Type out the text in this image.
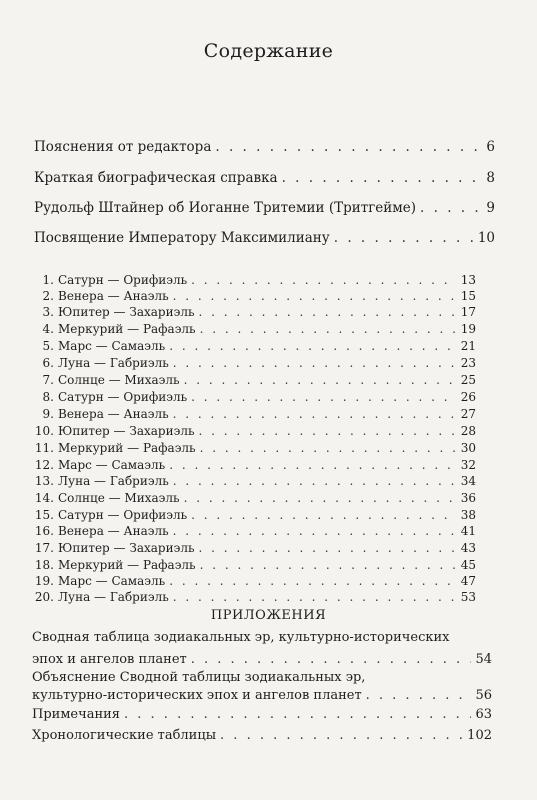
Содержание
Пояснения от редактора . . .	6
Краткая биографическая справка . . .	8
Рудольф Штайнер об Иоганне Тритемии (Тритгейме) . . .	9
Посвящение Императору Максимилиану . . .	10
1. Сатурн — Орифиэль . . .	13
2. Венера — Анаэль . . .	15
3. Юпитер — Захариэль . . .	17
4. Меркурий — Рафаэль . . .	19
5. Марс — Самаэль . . .	21
6. Луна — Габриэль . . .	23
7. Солнце — Михаэль . . .	25
8. Сатурн — Орифиэль . . .	26
9. Венера — Анаэль . . .	27
10. Юпитер — Захариэль . . .	28
11. Меркурий — Рафаэль . . .	30
12. Марс — Самаэль . . .	32
13. Луна — Габриэль . . .	34
14. Солнце — Михаэль . . .	36
15. Сатурн — Орифиэль . . .	38
16. Венера — Анаэль . . .	41
17. Юпитер — Захариэль . . .	43
18. Меркурий — Рафаэль . . .	45
19. Марс — Самаэль . . .	47
20. Луна — Габриэль . . .	53
ПРИЛОЖЕНИЯ
Сводная таблица зодиакальных эр, культурно-исторических
эпох и ангелов планет . . .	54
Объяснение Сводной таблицы зодиакальных эр,
культурно-исторических эпох и ангелов планет . . .	56
Примечания . . .	63
Хронологические таблицы . . .	102
